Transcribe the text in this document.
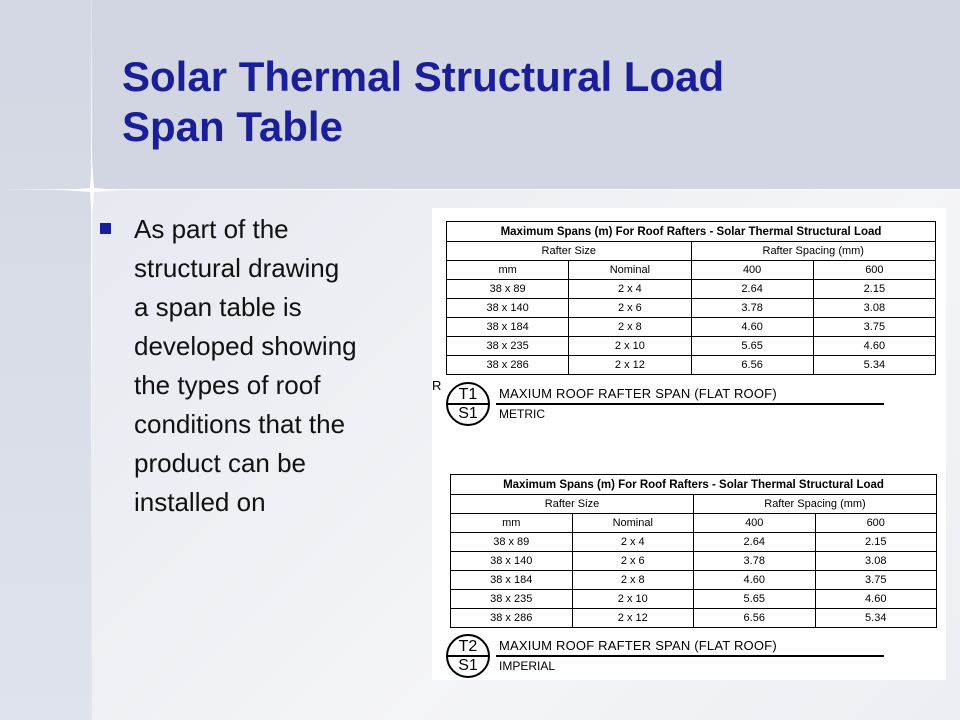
Solar Thermal Structural Load
Span Table
As part of the
structural drawing
a span table is
developed showing
the types of roof
conditions that the
product can be
installed on
R
Maximum Spans (m) For Roof Rafters - Solar Thermal Structural Load			
Rafter Size		Rafter Spacing (mm)	
mm	Nominal	400	600
38 x 89	2 x 4	2.64	2.15
38 x 140	2 x 6	3.78	3.08
38 x 184	2 x 8	4.60	3.75
38 x 235	2 x 10	5.65	4.60
38 x 286	2 x 12	6.56	5.34
T1
S1
MAXIUM ROOF RAFTER SPAN (FLAT ROOF)
METRIC
Maximum Spans (m) For Roof Rafters - Solar Thermal Structural Load			
Rafter Size		Rafter Spacing (mm)	
mm	Nominal	400	600
38 x 89	2 x 4	2.64	2.15
38 x 140	2 x 6	3.78	3.08
38 x 184	2 x 8	4.60	3.75
38 x 235	2 x 10	5.65	4.60
38 x 286	2 x 12	6.56	5.34
T2
S1
MAXIUM ROOF RAFTER SPAN (FLAT ROOF)
IMPERIAL
